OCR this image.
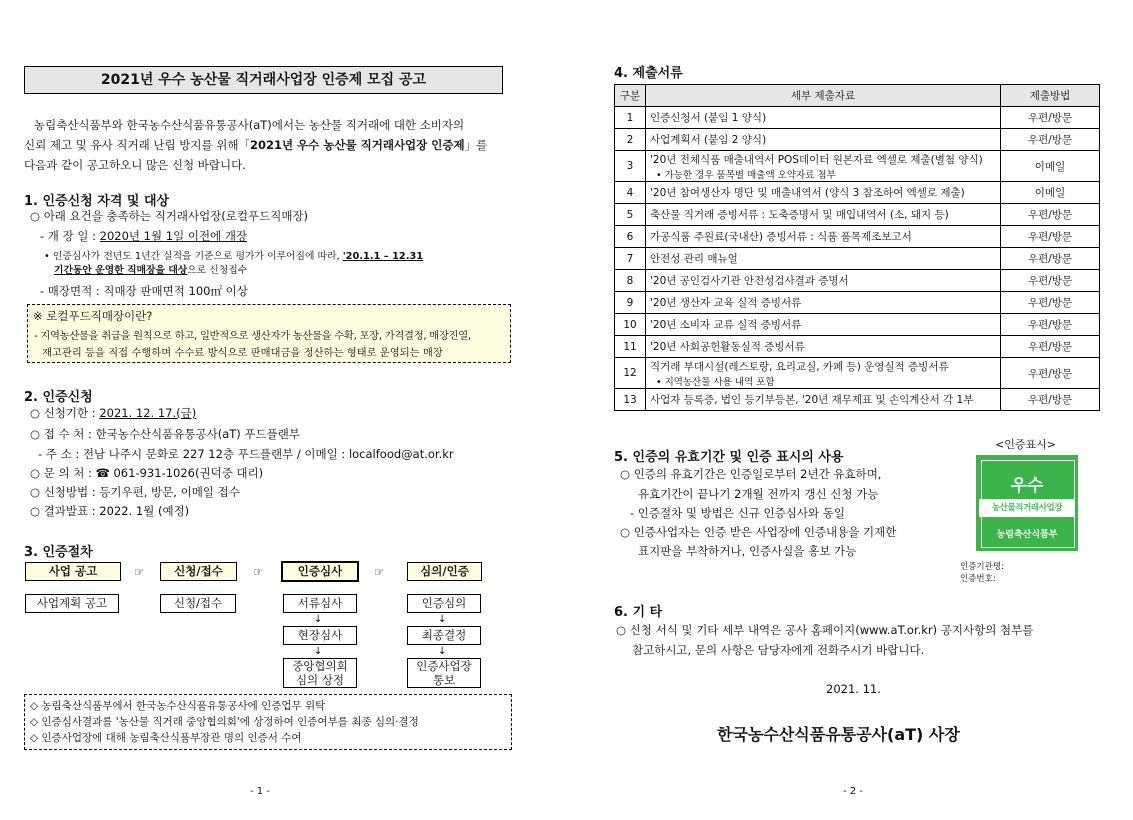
2021년 우수 농산물 직거래사업장 인증제 모집 공고
농림축산식품부와 한국농수산식품유통공사(aT)에서는 농산물 직거래에 대한 소비자의
신뢰 제고 및 유사 직거래 난립 방지를 위해「2021년 우수 농산물 직거래사업장 인증제」를
다음과 같이 공고하오니 많은 신청 바랍니다.
1. 인증신청 자격 및 대상
○ 아래 요건을 충족하는 직거래사업장(로컬푸드직매장)
- 개 장 일 : 2020년 1월 1일 이전에 개장
• 인증심사가 전년도 1년간 실적을 기준으로 평가가 이루어짐에 따라, '20.1.1 – 12.31
기간동안 운영한 직매장을 대상으로 신청접수
- 매장면적 : 직매장 판매면적 100㎡ 이상
※ 로컬푸드직매장이란?
- 지역농산물을 취급을 원칙으로 하고, 일반적으로 생산자가 농산물을 수확, 포장, 가격결정, 매장진열,
재고관리 등을 직접 수행하며 수수료 방식으로 판매대금을 정산하는 형태로 운영되는 매장
2. 인증신청
○ 신청기한 : 2021. 12. 17.(금)
○ 접 수 처 : 한국농수산식품유통공사(aT) 푸드플랜부
- 주 소 : 전남 나주시 문화로 227 12층 푸드플랜부 / 이메일 : localfood@at.or.kr
○ 문 의 처 : ☎ 061-931-1026(권덕중 대리)
○ 신청방법 : 등기우편, 방문, 이메일 접수
○ 결과발표 : 2022. 1월 (예정)
3. 인증절차
사업 공고	☞	신청/접수	☞	인증심사	☞	심의/인증
사업계획 공고	신청/접수	서류심사	인증심의
↓	↓
현장심사	최종결정
↓	↓
중앙협의회
심의 상정
인증사업장
통보
◇ 농림축산식품부에서 한국농수산식품유통공사에 인증업무 위탁
◇ 인증심사결과를 '농산물 직거래 중앙협의회'에 상정하여 인증여부를 최종 심의·결정
◇ 인증사업장에 대해 농림축산식품부장관 명의 인증서 수여
- 1 -
4. 제출서류
구분	세부 제출자료	제출방법
1	인증신청서 (붙임 1 양식)	우편/방문
2	사업계획서 (붙임 2 양식)	우편/방문
3	'20년 전체식품 매출내역서 POS데이터 원본자료 엑셀로 제출(별첨 양식)
• 가능한 경우 품목별 매출액 오약자료 첨부	이메일
4	'20년 참여생산자 명단 및 매출내역서 (양식 3 참조하여 엑셀로 제출)	이메일
5	축산물 직거래 증빙서류 : 도축증명서 및 매입내역서 (소, 돼지 등)	우편/방문
6	가공식품 주원료(국내산) 증빙서류 : 식품 품목제조보고서	우편/방문
7	안전성 관리 매뉴얼	우편/방문
8	'20년 공인검사기관 안전성검사결과 증명서	우편/방문
9	'20년 생산자 교육 실적 증빙서류	우편/방문
10	'20년 소비자 교류 실적 증빙서류	우편/방문
11	'20년 사회공헌활동실적 증빙서류	우편/방문
12	직거래 부대시설(레스토랑, 요리교실, 카페 등) 운영실적 증빙서류
• 지역농산물 사용 내역 포함	우편/방문
13	사업자 등록증, 법인 등기부등본, '20년 재무제표 및 손익계산서 각 1부	우편/방문
5. 인증의 유효기간 및 인증 표시의 사용
○ 인증의 유효기간은 인증일로부터 2년간 유효하며,
유효기간이 끝나기 2개월 전까지 갱신 신청 가능
- 인증절차 및 방법은 신규 인증심사와 동일
○ 인증사업자는 인증 받은 사업장에 인증내용을 기재한
표지판을 부착하거나, 인증사실을 홍보 가능
<인증표시>
우수
농산물직거래사업장
농림축산식품부
인증기관명:
인증번호:
6. 기 타
○ 신청 서식 및 기타 세부 내역은 공사 홈페이지(www.aT.or.kr) 공지사항의 첨부를
참고하시고, 문의 사항은 담당자에게 전화주시기 바랍니다.
2021. 11.
한국농수산식품유통공사(aT) 사장
- 2 -
